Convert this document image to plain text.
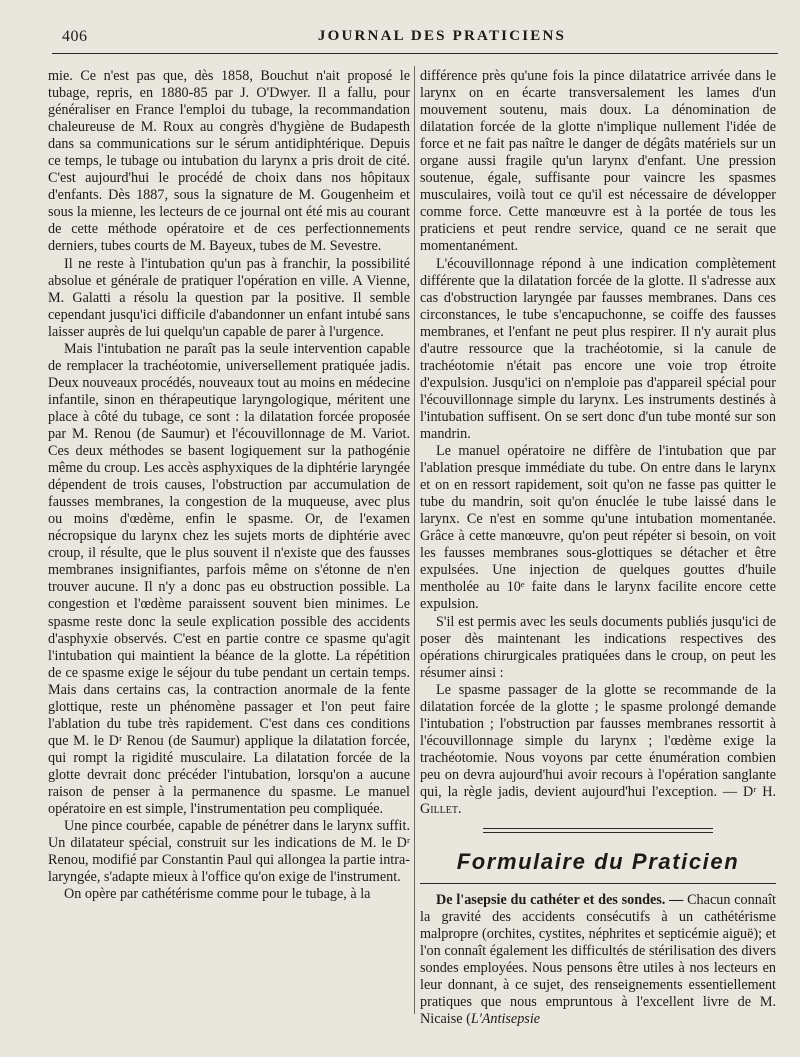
406	JOURNAL DES PRATICIENS

mie. Ce n'est pas que, dès 1858, Bouchut n'ait proposé le tubage, repris, en 1880-85 par J. O'Dwyer. Il a fallu, pour généraliser en France l'emploi du tubage, la recommandation chaleureuse de M. Roux au congrès d'hygiène de Budapesth dans sa communications sur le sérum antidiphtérique. Depuis ce temps, le tubage ou intubation du larynx a pris droit de cité. C'est aujourd'hui le procédé de choix dans nos hôpitaux d'enfants. Dès 1887, sous la signature de M. Gougenheim et sous la mienne, les lecteurs de ce journal ont été mis au courant de cette méthode opératoire et de ces perfectionnements derniers, tubes courts de M. Bayeux, tubes de M. Sevestre.

Il ne reste à l'intubation qu'un pas à franchir, la possibilité absolue et générale de pratiquer l'opération en ville. A Vienne, M. Galatti a résolu la question par la positive. Il semble cependant jusqu'ici difficile d'abandonner un enfant intubé sans laisser auprès de lui quelqu'un capable de parer à l'urgence.

Mais l'intubation ne paraît pas la seule intervention capable de remplacer la trachéotomie, universellement pratiquée jadis. Deux nouveaux procédés, nouveaux tout au moins en médecine infantile, sinon en thérapeutique laryngologique, méritent une place à côté du tubage, ce sont : la dilatation forcée proposée par M. Renou (de Saumur) et l'écouvillonnage de M. Variot. Ces deux méthodes se basent logiquement sur la pathogénie même du croup. Les accès asphyxiques de la diphtérie laryngée dépendent de trois causes, l'obstruction par accumulation de fausses membranes, la congestion de la muqueuse, avec plus ou moins d'œdème, enfin le spasme. Or, de l'examen nécropsique du larynx chez les sujets morts de diphtérie avec croup, il résulte, que le plus souvent il n'existe que des fausses membranes insignifiantes, parfois même on s'étonne de n'en trouver aucune. Il n'y a donc pas eu obstruction possible. La congestion et l'œdème paraissent souvent bien minimes. Le spasme reste donc la seule explication possible des accidents d'asphyxie observés. C'est en partie contre ce spasme qu'agit l'intubation qui maintient la béance de la glotte. La répétition de ce spasme exige le séjour du tube pendant un certain temps. Mais dans certains cas, la contraction anormale de la fente glottique, reste un phénomène passager et l'on peut faire l'ablation du tube très rapidement. C'est dans ces conditions que M. le Dʳ Renou (de Saumur) applique la dilatation forcée, qui rompt la rigidité musculaire. La dilatation forcée de la glotte devrait donc précéder l'intubation, lorsqu'on a aucune raison de penser à la permanence du spasme. Le manuel opératoire en est simple, l'instrumentation peu compliquée.

Une pince courbée, capable de pénétrer dans le larynx suffit. Un dilatateur spécial, construit sur les indications de M. le Dʳ Renou, modifié par Constantin Paul qui allongea la partie intra-laryngée, s'adapte mieux à l'office qu'on exige de l'instrument.

On opère par cathétérisme comme pour le tubage, à la

différence près qu'une fois la pince dilatatrice arrivée dans le larynx on en écarte transversalement les lames d'un mouvement soutenu, mais doux. La dénomination de dilatation forcée de la glotte n'implique nullement l'idée de force et ne fait pas naître le danger de dégâts matériels sur un organe aussi fragile qu'un larynx d'enfant. Une pression soutenue, égale, suffisante pour vaincre les spasmes musculaires, voilà tout ce qu'il est nécessaire de développer comme force. Cette manœuvre est à la portée de tous les praticiens et peut rendre service, quand ce ne serait que momentanément.

L'écouvillonnage répond à une indication complètement différente que la dilatation forcée de la glotte. Il s'adresse aux cas d'obstruction laryngée par fausses membranes. Dans ces circonstances, le tube s'encapuchonne, se coiffe des fausses membranes, et l'enfant ne peut plus respirer. Il n'y aurait plus d'autre ressource que la trachéotomie, si la canule de trachéotomie n'était pas encore une voie trop étroite d'expulsion. Jusqu'ici on n'emploie pas d'appareil spécial pour l'écouvillonnage simple du larynx. Les instruments destinés à l'intubation suffisent. On se sert donc d'un tube monté sur son mandrin.

Le manuel opératoire ne diffère de l'intubation que par l'ablation presque immédiate du tube. On entre dans le larynx et on en ressort rapidement, soit qu'on ne fasse pas quitter le tube du mandrin, soit qu'on énuclée le tube laissé dans le larynx. Ce n'est en somme qu'une intubation momentanée. Grâce à cette manœuvre, qu'on peut répéter si besoin, on voit les fausses membranes sous-glottiques se détacher et être expulsées. Une injection de quelques gouttes d'huile mentholée au 10ᵉ faite dans le larynx facilite encore cette expulsion.

S'il est permis avec les seuls documents publiés jusqu'ici de poser dès maintenant les indications respectives des opérations chirurgicales pratiquées dans le croup, on peut les résumer ainsi :

Le spasme passager de la glotte se recommande de la dilatation forcée de la glotte ; le spasme prolongé demande l'intubation ; l'obstruction par fausses membranes ressortit à l'écouvillonnage simple du larynx ; l'œdème exige la trachéotomie. Nous voyons par cette énumération combien peu on devra aujourd'hui avoir recours à l'opération sanglante qui, la règle jadis, devient aujourd'hui l'exception. — Dʳ H. Gillet.

Formulaire du Praticien

De l'asepsie du cathéter et des sondes. — Chacun connaît la gravité des accidents consécutifs à un cathétérisme malpropre (orchites, cystites, néphrites et septicémie aiguë); et l'on connaît également les difficultés de stérilisation des divers sondes employées. Nous pensons être utiles à nos lecteurs en leur donnant, à ce sujet, des renseignements essentiellement pratiques que nous empruntous à l'excellent livre de M. Nicaise (L'Antisepsie
